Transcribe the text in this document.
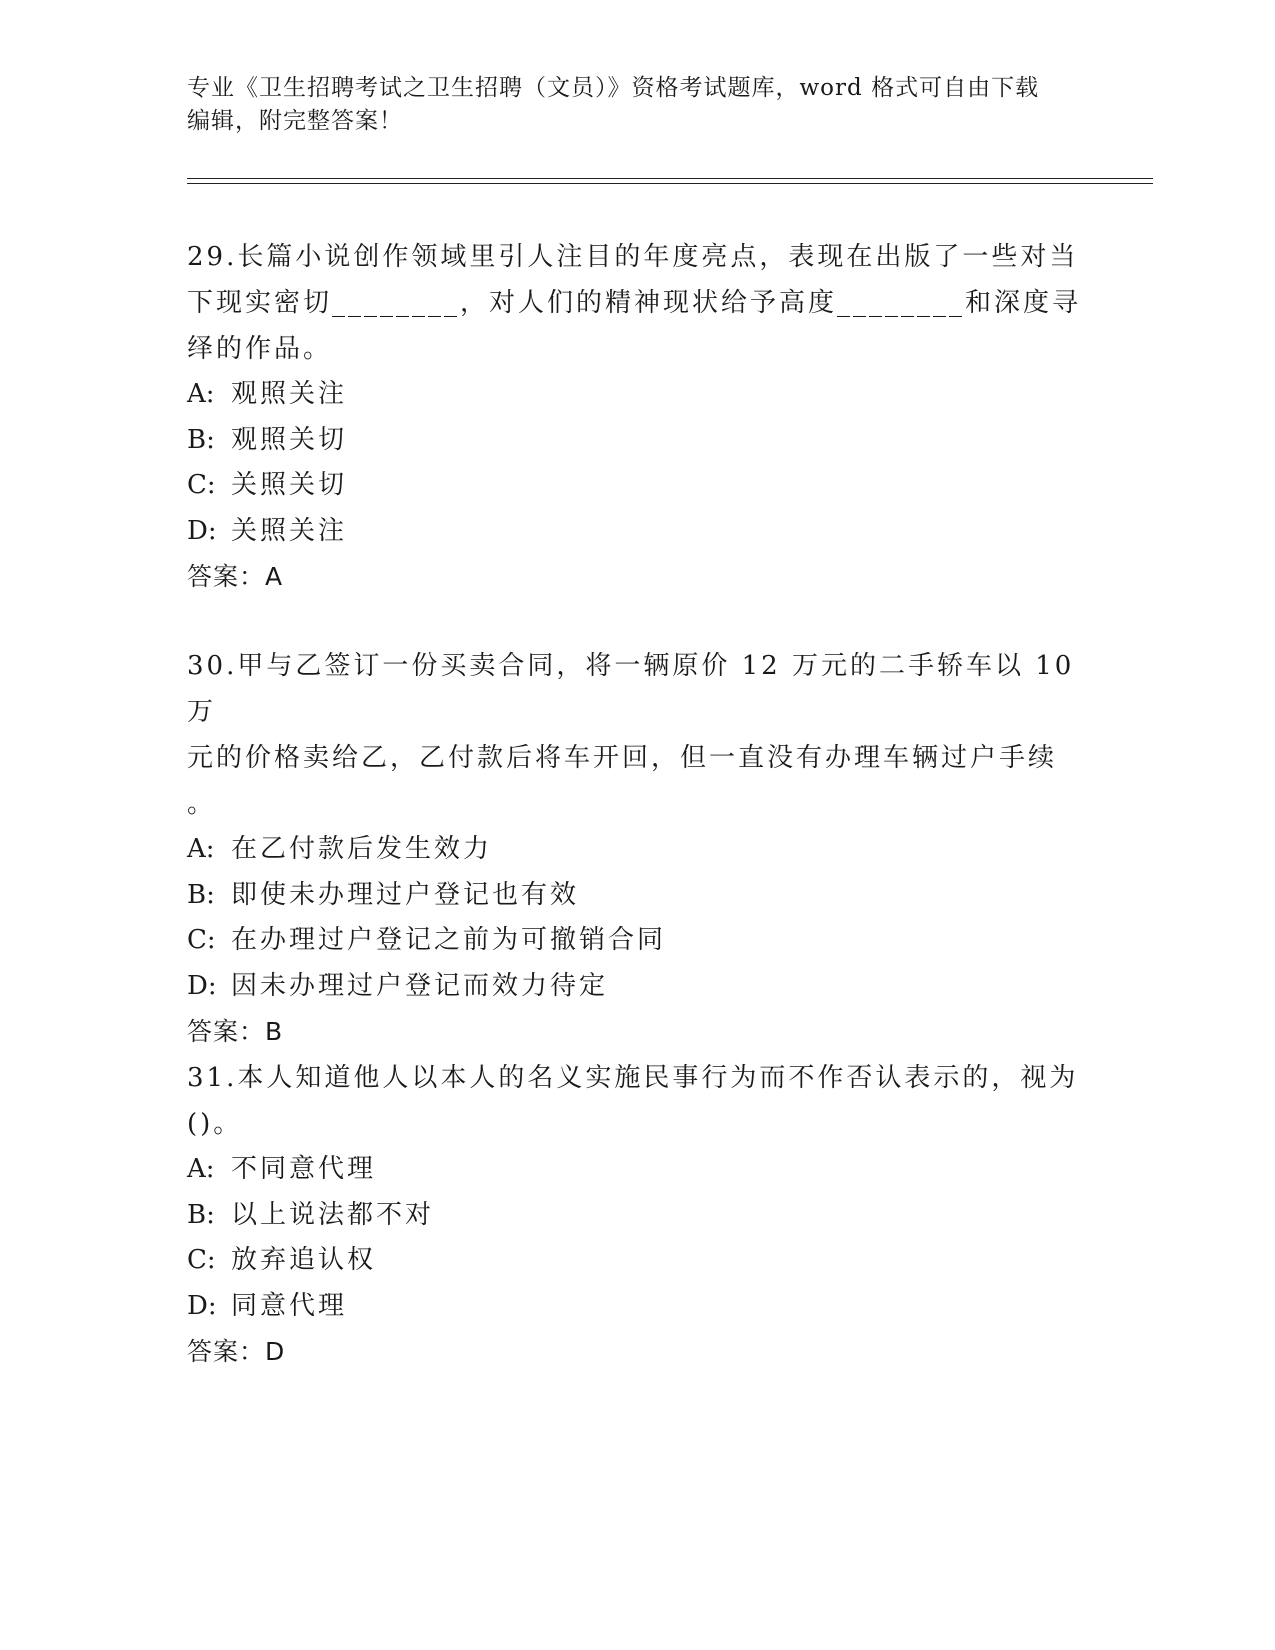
专业《卫生招聘考试之卫生招聘（文员）》资格考试题库，word 格式可自由下载
编辑，附完整答案！

29.长篇小说创作领域里引人注目的年度亮点，表现在出版了一些对当

下现实密切________，对人们的精神现状给予高度________和深度寻

绎的作品。

A: 观照关注

B: 观照关切

C: 关照关切

D: 关照关注

答案：A

30.甲与乙签订一份买卖合同，将一辆原价 12 万元的二手轿车以 10 万

元的价格卖给乙，乙付款后将车开回，但一直没有办理车辆过户手续

。

A: 在乙付款后发生效力

B: 即使未办理过户登记也有效

C: 在办理过户登记之前为可撤销合同

D: 因未办理过户登记而效力待定

答案：B

31.本人知道他人以本人的名义实施民事行为而不作否认表示的，视为

()。

A: 不同意代理

B: 以上说法都不对

C: 放弃追认权

D: 同意代理

答案：D
